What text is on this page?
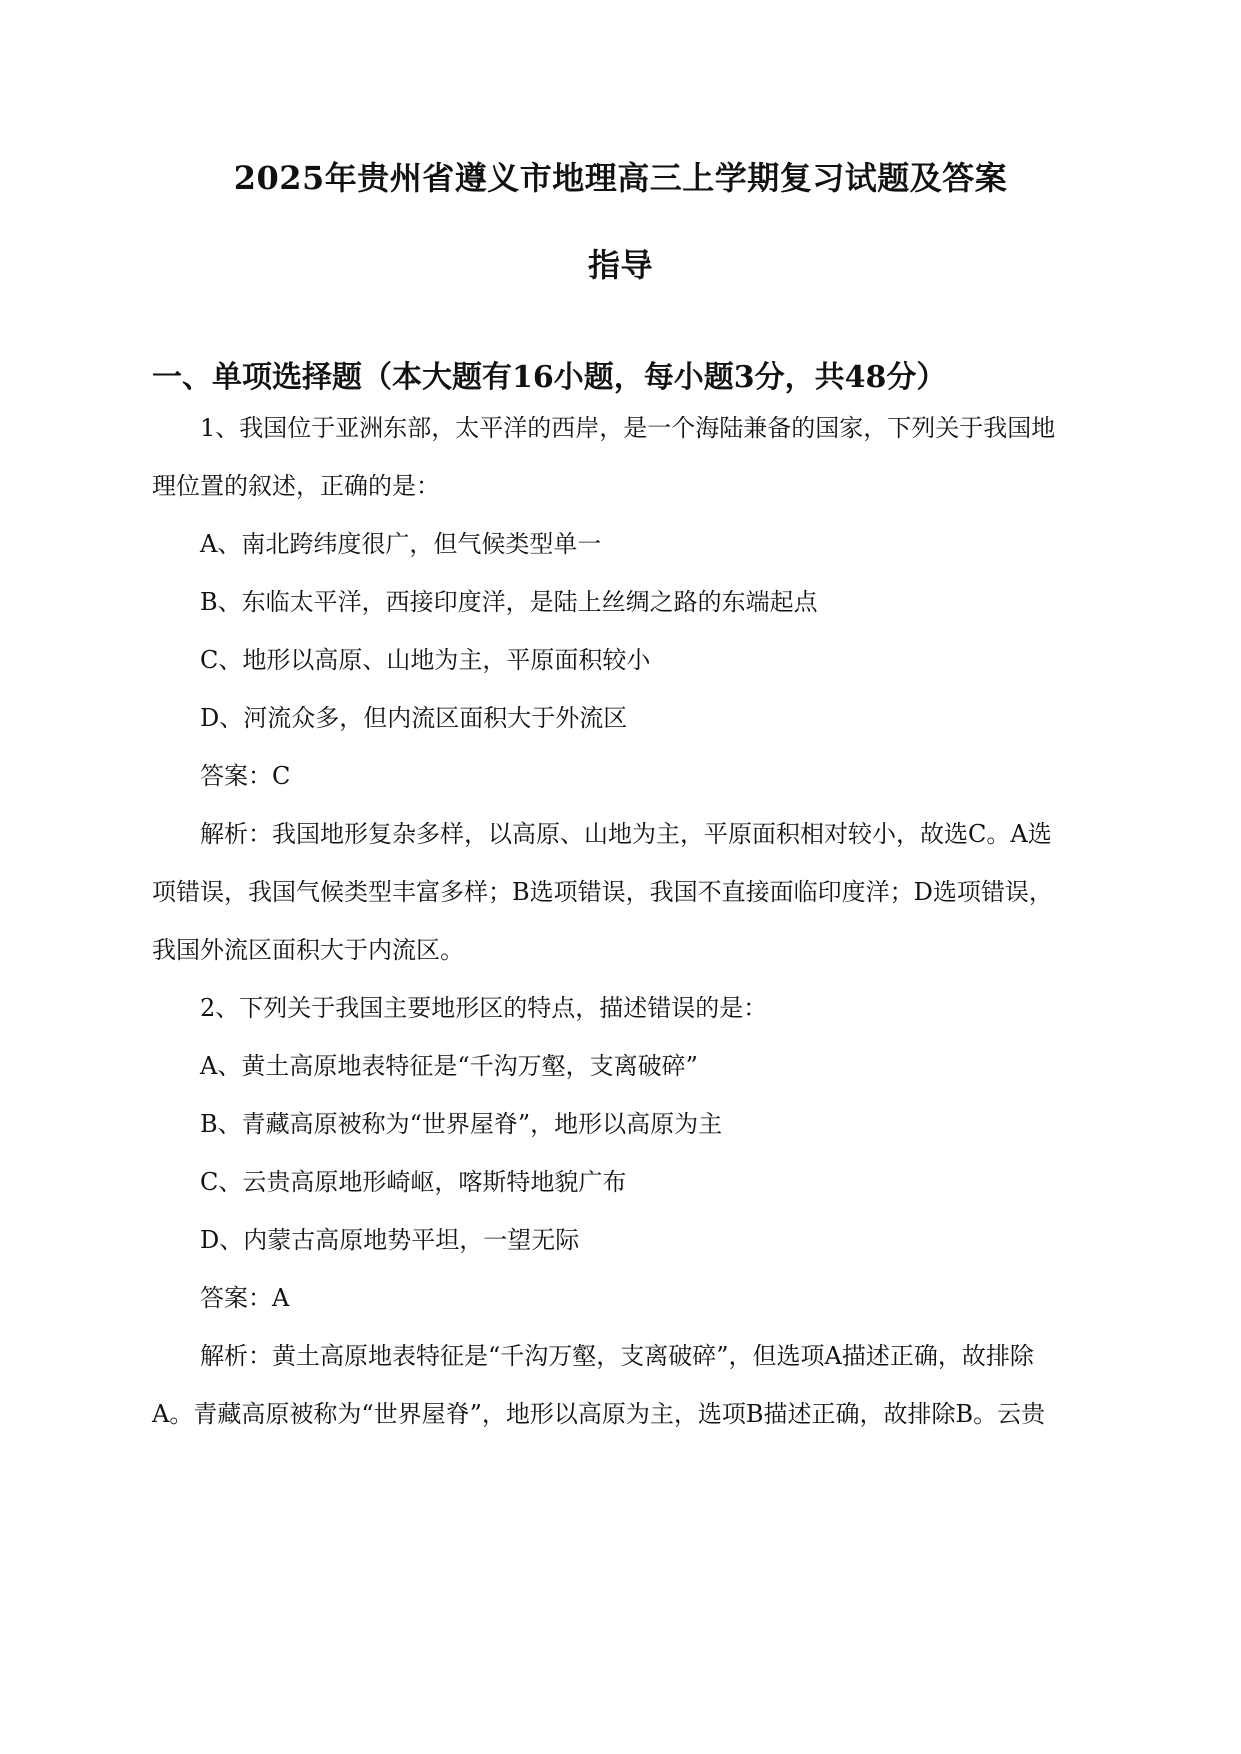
2025年贵州省遵义市地理高三上学期复习试题及答案
指导
一、单项选择题（本大题有16小题，每小题3分，共48分）
1、我国位于亚洲东部，太平洋的西岸，是一个海陆兼备的国家，下列关于我国地
理位置的叙述，正确的是：
A、南北跨纬度很广，但气候类型单一
B、东临太平洋，西接印度洋，是陆上丝绸之路的东端起点
C、地形以高原、山地为主，平原面积较小
D、河流众多，但内流区面积大于外流区
答案：C
解析：我国地形复杂多样，以高原、山地为主，平原面积相对较小，故选C。A选
项错误，我国气候类型丰富多样；B选项错误，我国不直接面临印度洋；D选项错误，
我国外流区面积大于内流区。
2、下列关于我国主要地形区的特点，描述错误的是：
A、黄土高原地表特征是“千沟万壑，支离破碎”
B、青藏高原被称为“世界屋脊”，地形以高原为主
C、云贵高原地形崎岖，喀斯特地貌广布
D、内蒙古高原地势平坦，一望无际
答案：A
解析：黄土高原地表特征是“千沟万壑，支离破碎”，但选项A描述正确，故排除
A。青藏高原被称为“世界屋脊”，地形以高原为主，选项B描述正确，故排除B。云贵
